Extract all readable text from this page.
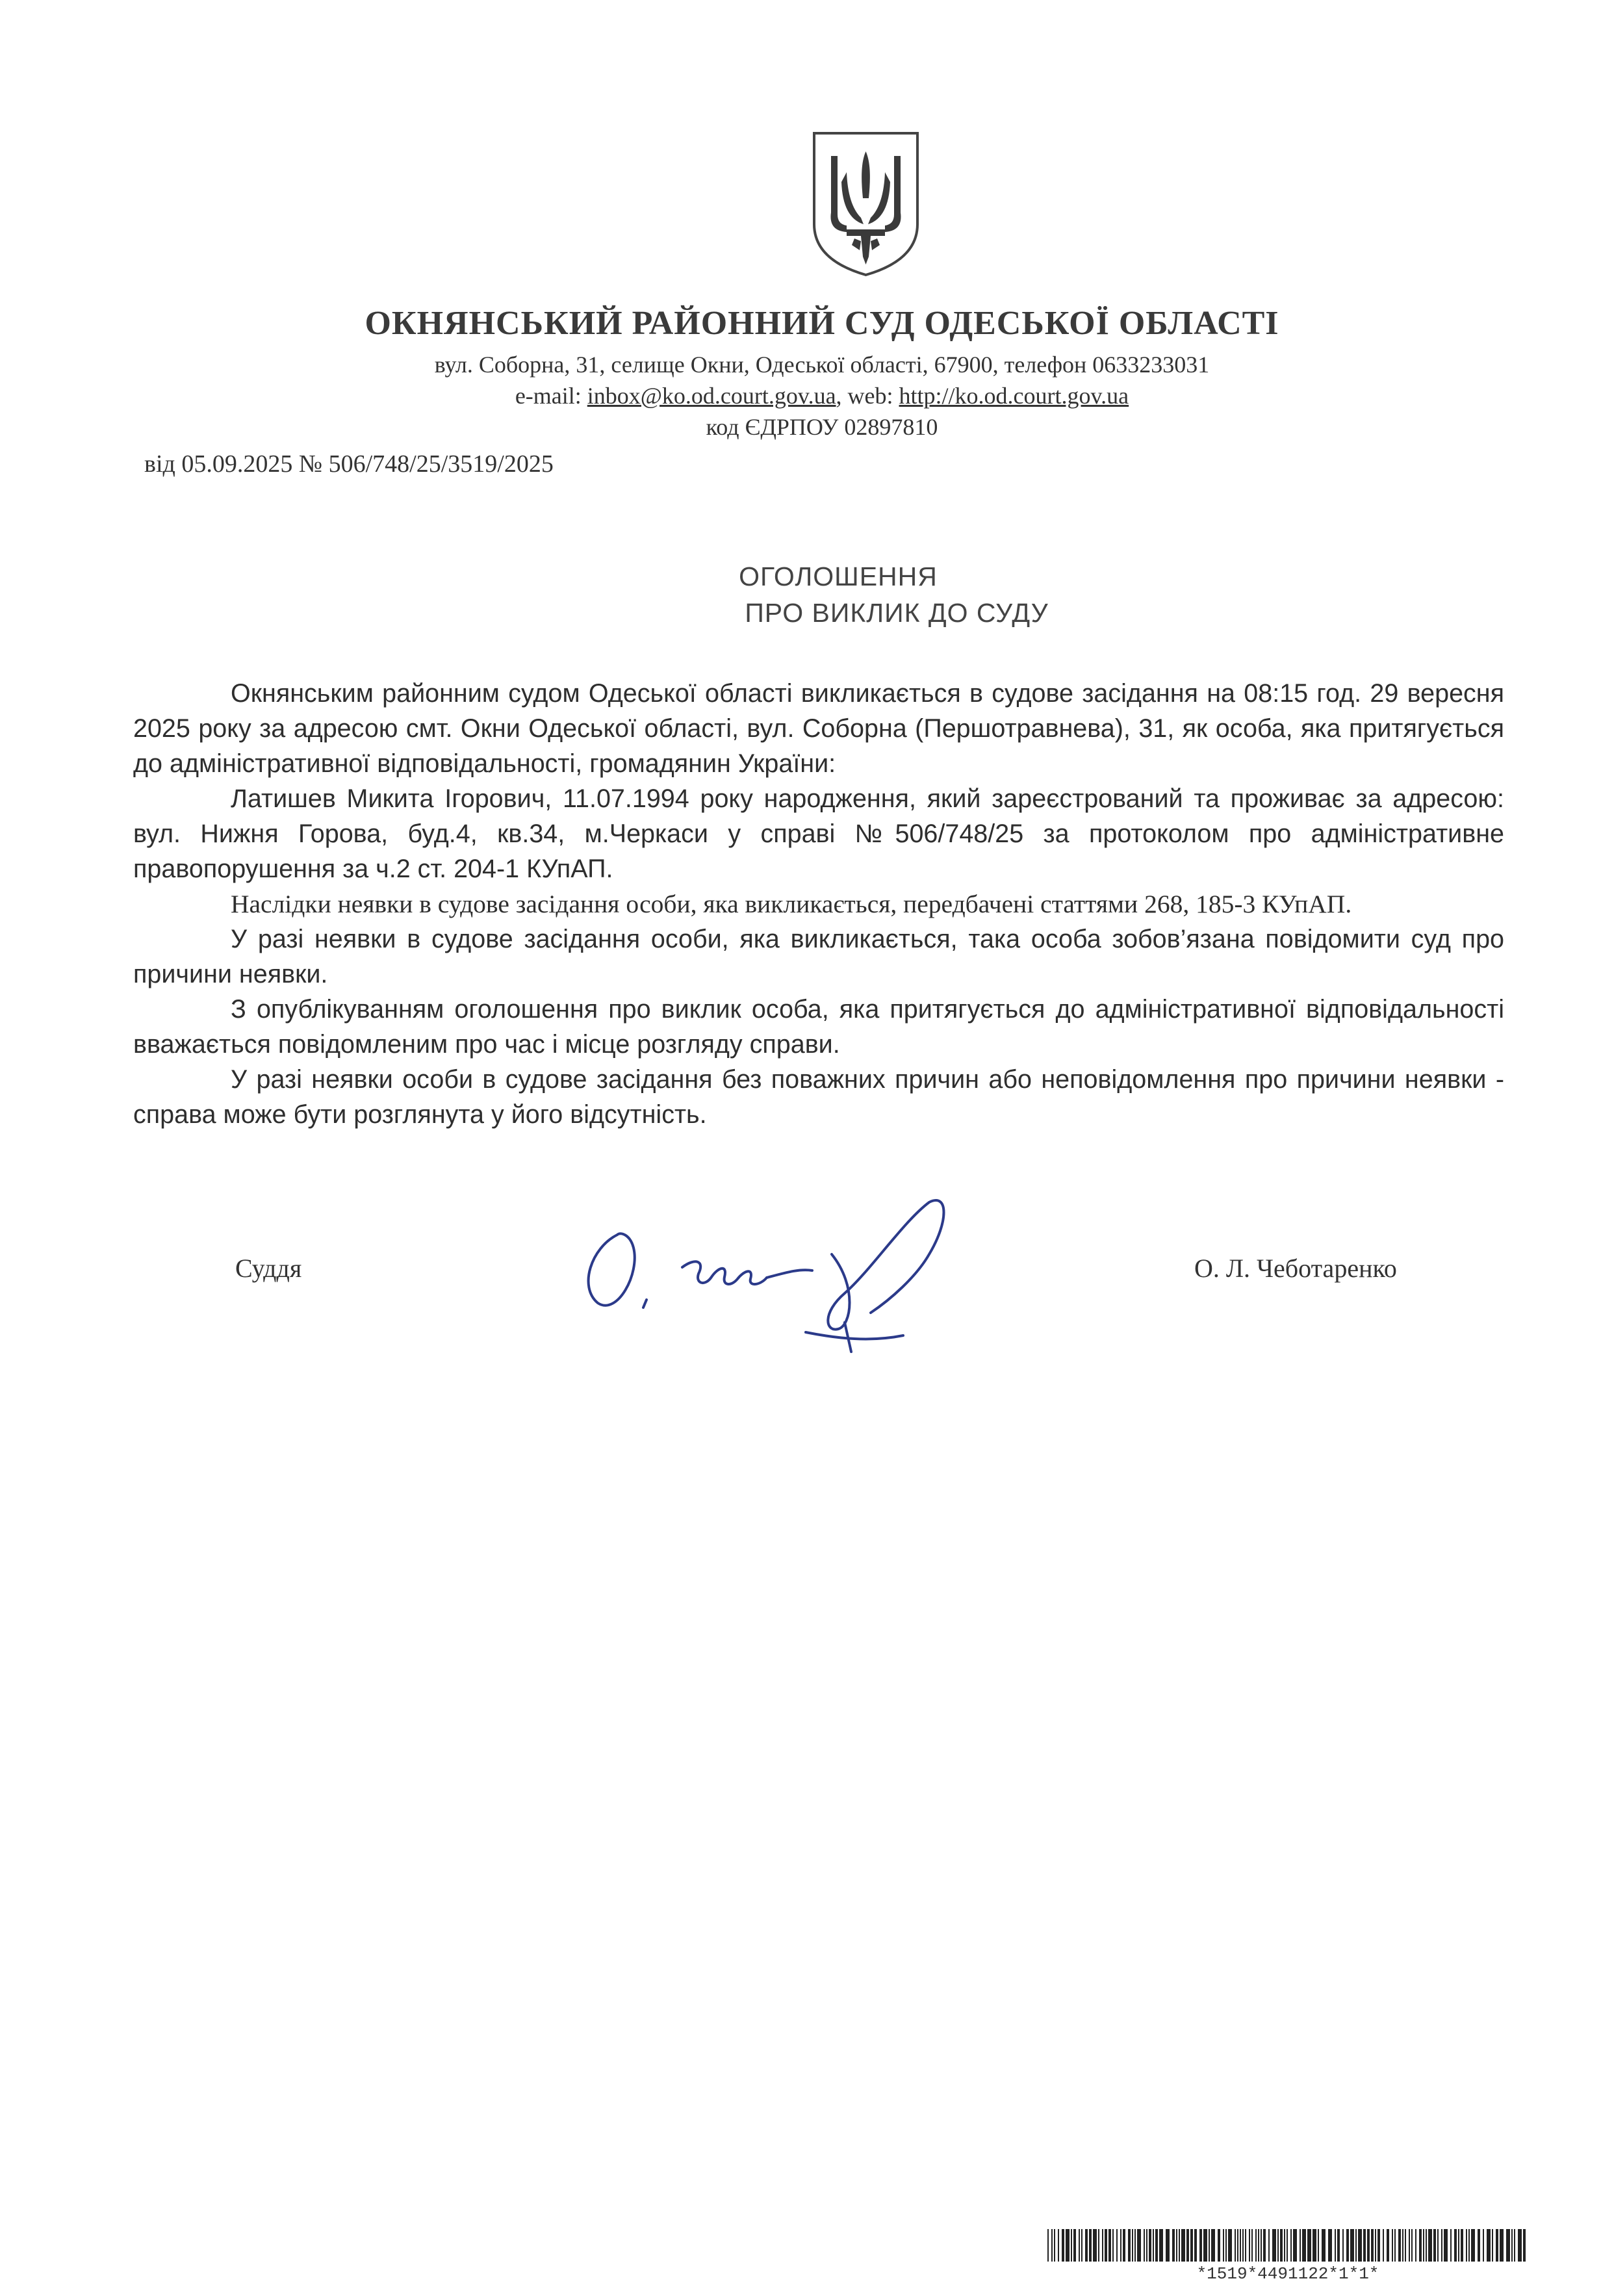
ОКНЯНСЬКИЙ РАЙОННИЙ СУД ОДЕСЬКОЇ ОБЛАСТІ
вул. Соборна, 31, селище Окни, Одеської області, 67900, телефон 0633233031
e-mail: inbox@ko.od.court.gov.ua, web: http://ko.od.court.gov.ua
код ЄДРПОУ 02897810
від 05.09.2025 № 506/748/25/3519/2025
ОГОЛОШЕННЯ
ПРО ВИКЛИК ДО СУДУ

Окнянським районним судом Одеської області викликається в судове засідання на 08:15 год. 29 вересня 2025 року за адресою смт. Окни Одеської області, вул. Соборна (Першотравнева), 31, як особа, яка притягується до адміністративної відповідальності, громадянин України:

Латишев Микита Ігорович, 11.07.1994 року народження, який зареєстрований та проживає за адресою: вул. Нижня Горова, буд.4, кв.34, м.Черкаси у справі №506/748/25 за протоколом про адміністративне правопорушення за ч.2 ст. 204-1 КУпАП.

Наслідки неявки в судове засідання особи, яка викликається, передбачені статтями 268, 185-3 КУпАП.

У разі неявки в судове засідання особи, яка викликається, така особа зобов’язана повідомити суд про причини неявки.

З опублікуванням оголошення про виклик особа, яка притягується до адміністративної відповідальності вважається повідомленим про час і місце розгляду справи.

У разі неявки особи в судове засідання без поважних причин або неповідомлення про причини неявки - справа може бути розглянута у його відсутність.

Суддя	О. Л. Чеботаренко
*1519*4491122*1*1*
